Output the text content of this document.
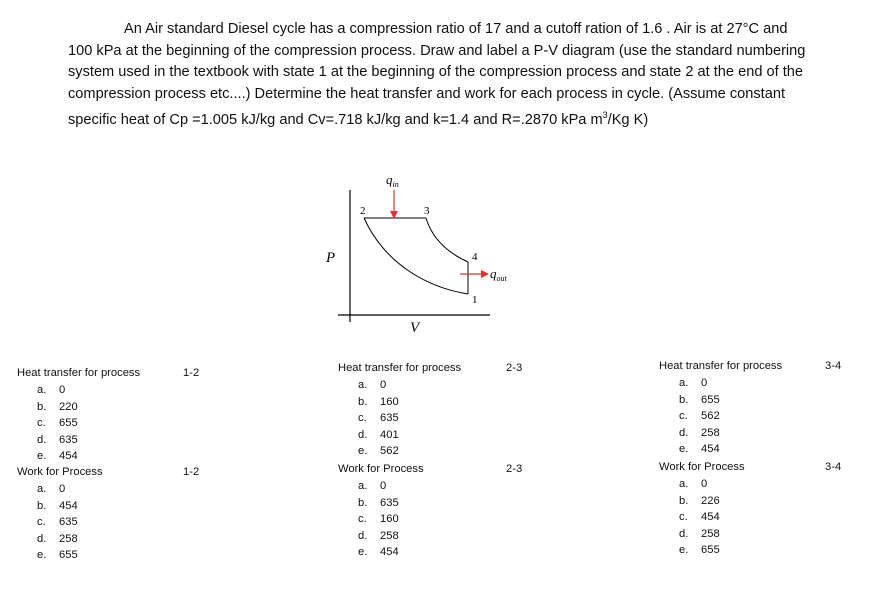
An Air standard Diesel cycle has a compression ratio of 17 and a cutoff ration of 1.6 . Air is at 27°C and 100 kPa at the beginning of the compression process. Draw and label a P-V diagram (use the standard numbering system used in the textbook with state 1 at the beginning of the compression process and state 2 at the end of the compression process etc....) Determine the heat transfer and work for each process in cycle. (Assume constant specific heat of Cp =1.005 kJ/kg and Cv=.718 kJ/kg and k=1.4 and R=.2870 kPa $m^3/Kg$ K)

P
V
$q_{in}$
$q_{out}$
1
2	3
4
Heat transfer for process	1-2
a. 0
b. 220
c. 655
d. 635
e. 454
Work for Process	1-2
a. 0
b. 454
c. 635
d. 258
e. 655
Heat transfer for process	2-3
a. 0
b. 160
c. 635
d. 401
e. 562
Work for Process	2-3
a. 0
b. 635
c. 160
d. 258
e. 454
Heat transfer for process	3-4
a. 0
b. 655
c. 562
d. 258
e. 454
Work for Process	3-4
a. 0
b. 226
c. 454
d. 258
e. 655
